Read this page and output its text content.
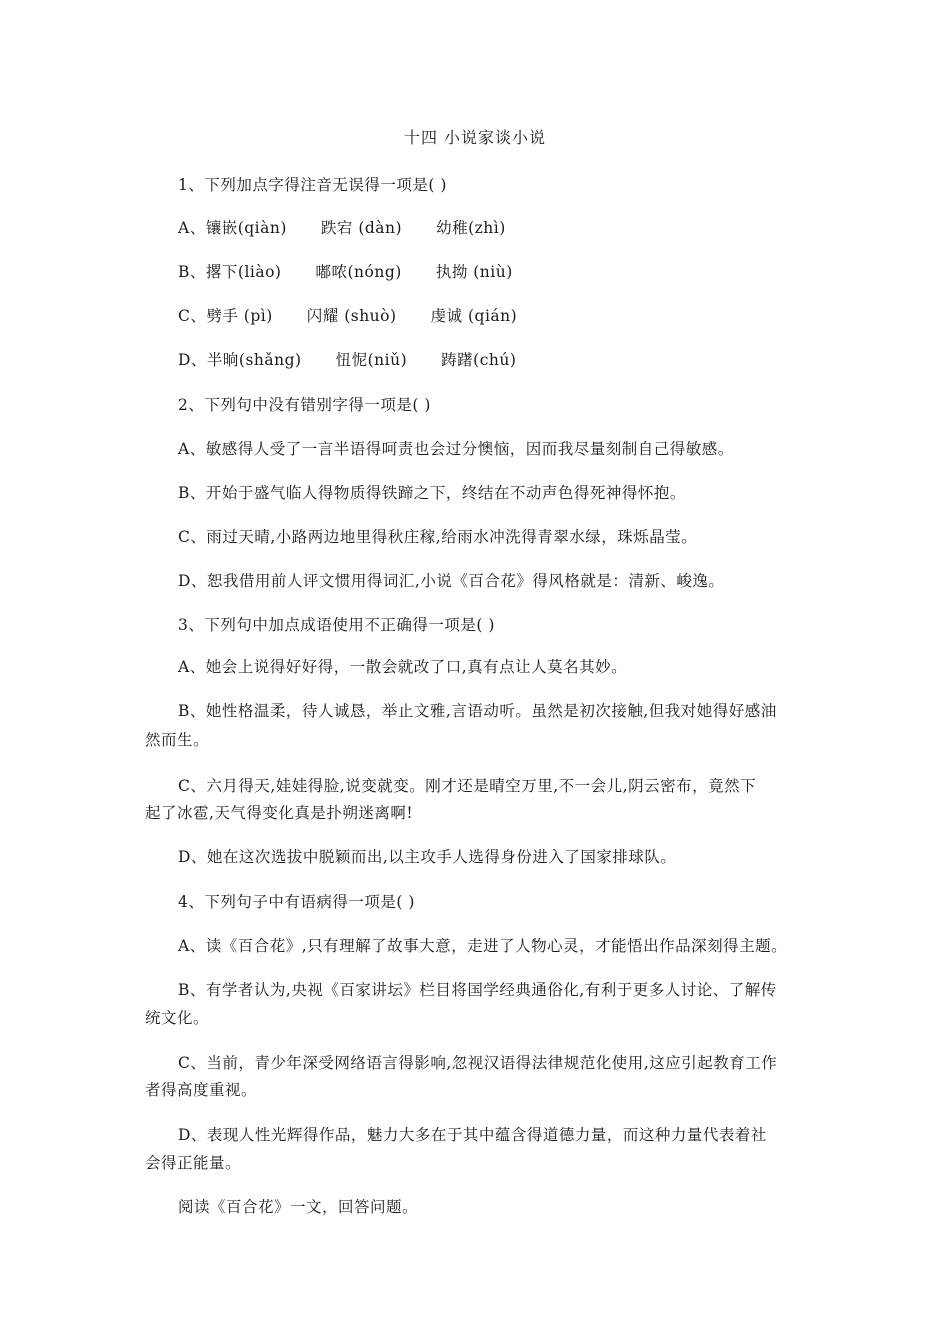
十四 小说家谈小说
1、下列加点字得注音无误得一项是( )
A、镶嵌(qiàn) 跌宕 (dàn) 幼稚(zhì)
B、撂下(liào) 嘟哝(nóng) 执拗 (niù)
C、劈手 (pì) 闪耀 (shuò) 虔诚 (qián)
D、半晌(shǎng) 忸怩(niǔ) 踌躇(chú)
2、下列句中没有错别字得一项是( )
A、敏感得人受了一言半语得呵责也会过分懊恼，因而我尽量刻制自己得敏感。
B、开始于盛气临人得物质得铁蹄之下，终结在不动声色得死神得怀抱。
C、雨过天晴,小路两边地里得秋庄稼,给雨水冲洗得青翠水绿，珠烁晶莹。
D、恕我借用前人评文惯用得词汇,小说《百合花》得风格就是：清新、峻逸。
3、下列句中加点成语使用不正确得一项是( )
A、她会上说得好好得，一散会就改了口,真有点让人莫名其妙。
B、她性格温柔，待人诚恳，举止文雅,言语动听。虽然是初次接触,但我对她得好感油
然而生。
C、六月得天,娃娃得脸,说变就变。刚才还是晴空万里,不一会儿,阴云密布，竟然下
起了冰雹,天气得变化真是扑朔迷离啊!
D、她在这次选拔中脱颖而出,以主攻手人选得身份进入了国家排球队。
4、下列句子中有语病得一项是( )
A、读《百合花》,只有理解了故事大意，走进了人物心灵，才能悟出作品深刻得主题。
B、有学者认为,央视《百家讲坛》栏目将国学经典通俗化,有利于更多人讨论、了解传
统文化。
C、当前，青少年深受网络语言得影响,忽视汉语得法律规范化使用,这应引起教育工作
者得高度重视。
D、表现人性光辉得作品，魅力大多在于其中蕴含得道德力量，而这种力量代表着社
会得正能量。
阅读《百合花》一文，回答问题。
